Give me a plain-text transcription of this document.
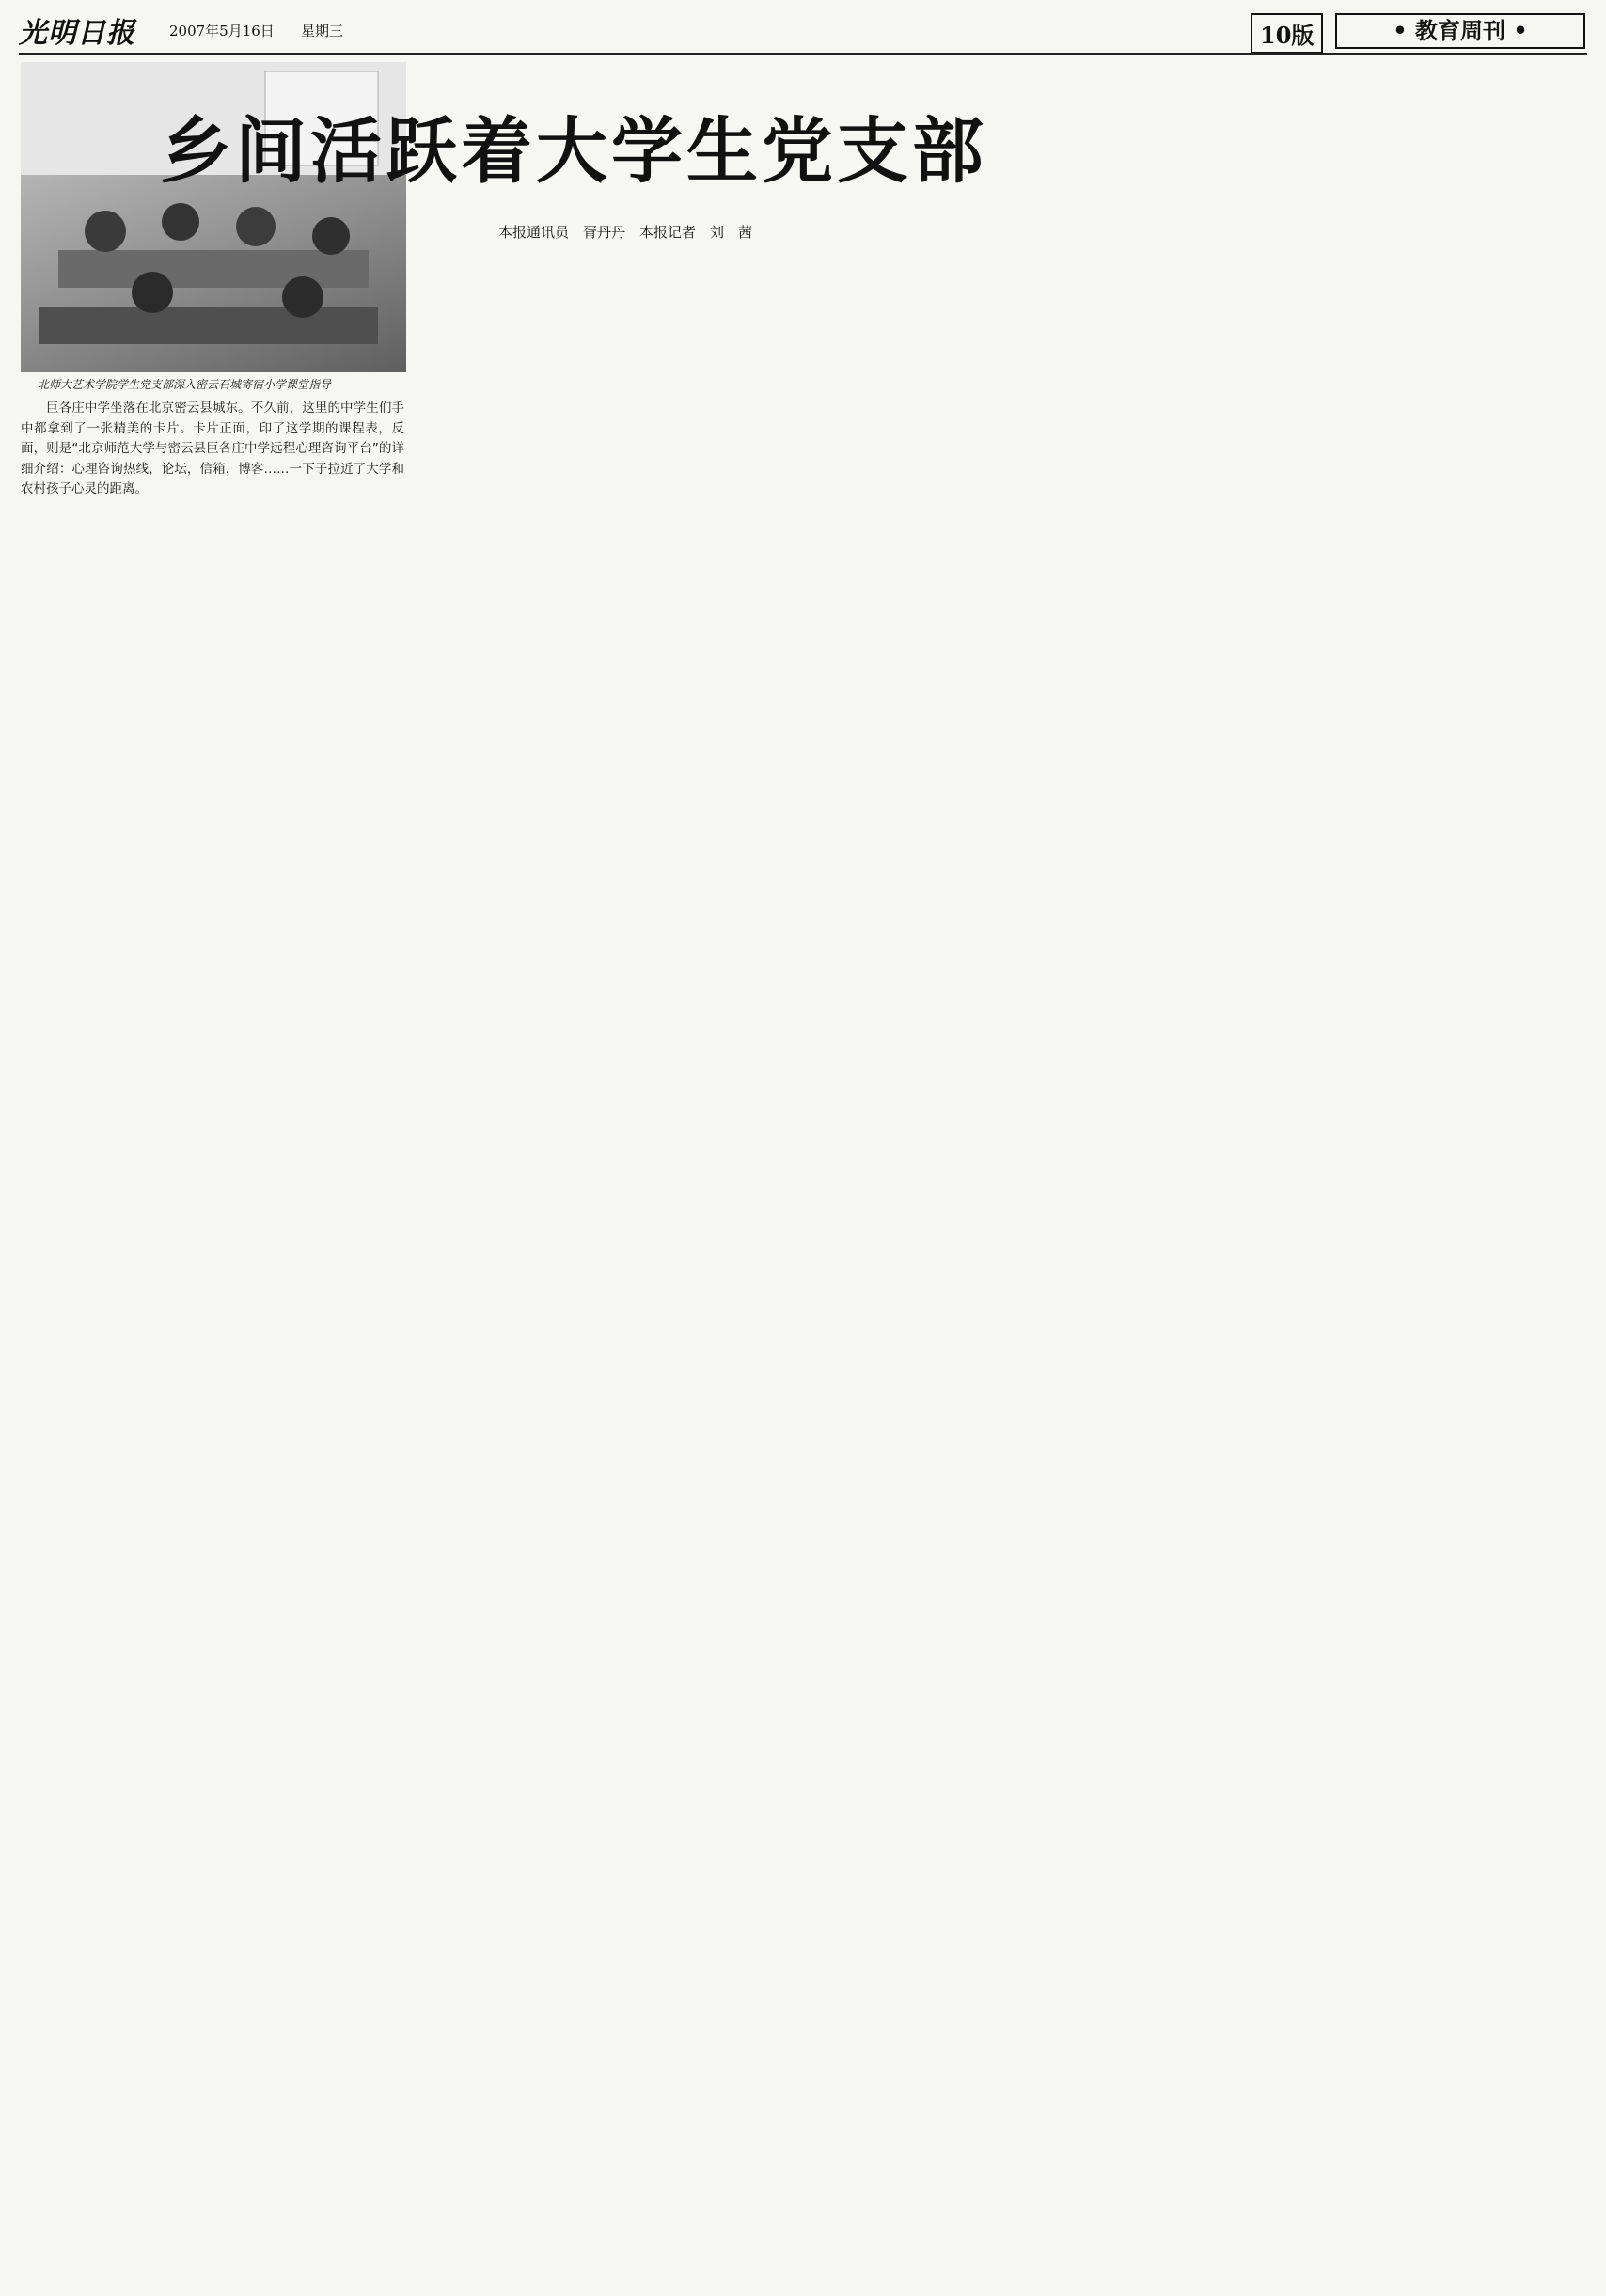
光明日报 2007年5月16日 星期三	10版	• 教育周刊 •
北师大艺术学院学生党支部深入密云石城寄宿小学课堂指导
乡间活跃着大学生党支部
本报通讯员　胥丹丹　本报记者　刘　茜

巨各庄中学坐落在北京密云县城东。不久前，这里的中学生们手中都拿到了一张精美的卡片。卡片正面，印了这学期的课程表，反面，则是“北京师范大学与密云县巨各庄中学远程心理咨询平台”的详细介绍：心理咨询热线，论坛，信箱，博客……一下子拉近了大学和农村孩子心灵的距离。
